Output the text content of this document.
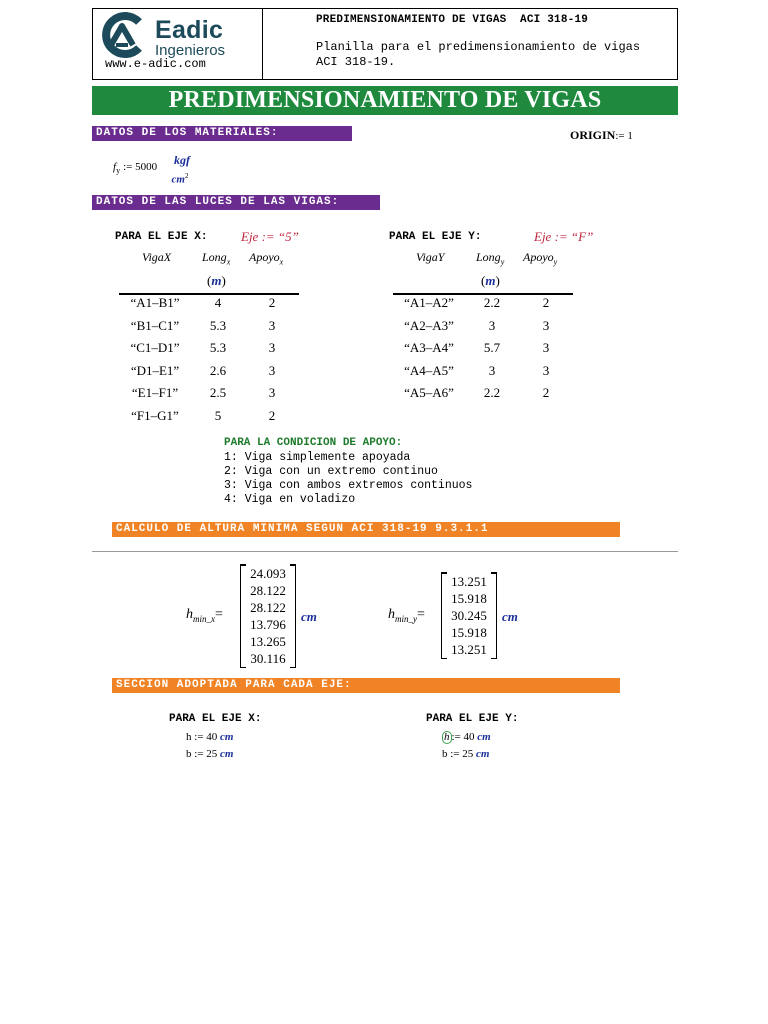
Eadic
Ingenieros
www.e-adic.com
PREDIMENSIONAMIENTO DE VIGAS  ACI 318-19
Planilla para el predimensionamiento de vigas ACI 318-19.
PREDIMENSIONAMIENTO DE VIGAS
DATOS DE LOS MATERIALES:	ORIGIN:= 1
$f_y$ := 5000	kgf
$cm^2$
DATOS DE LAS LUCES DE LAS VIGAS:
PARA EL EJE X:	Eje := “5”
VigaX	Long$_x$ Apoyo$_x$
(m)
“A1–B1”	4	2
“B1–C1”	5.3	3
“C1–D1”	5.3	3
“D1–E1”	2.6	3
“E1–F1”	2.5	3
“F1–G1”	5	2
PARA EL EJE Y:	Eje := “F”
VigaY	Long$_y$ Apoyo$_y$
(m)
“A1–A2”	2.2	2
“A2–A3”	3	3
“A3–A4”	5.7	3
“A4–A5”	3	3
“A5–A6”	2.2	2
PARA LA CONDICION DE APOYO:
1: Viga simplemente apoyada
2: Viga con un extremo continuo
3: Viga con ambos extremos continuos
4: Viga en voladizo
CALCULO DE ALTURA MINIMA SEGUN ACI 318-19 9.3.1.1
$h_{min\_x}=$
24.093
28.122
28.122
13.796
13.265
30.116
cm	$h_{min\_y}=$
13.251
15.918
30.245
15.918
13.251
cm
SECCION ADOPTADA PARA CADA EJE:
PARA EL EJE X:
h := 40 cm
b := 25 cm
PARA EL EJE Y:
h := 40 cm
b := 25 cm
